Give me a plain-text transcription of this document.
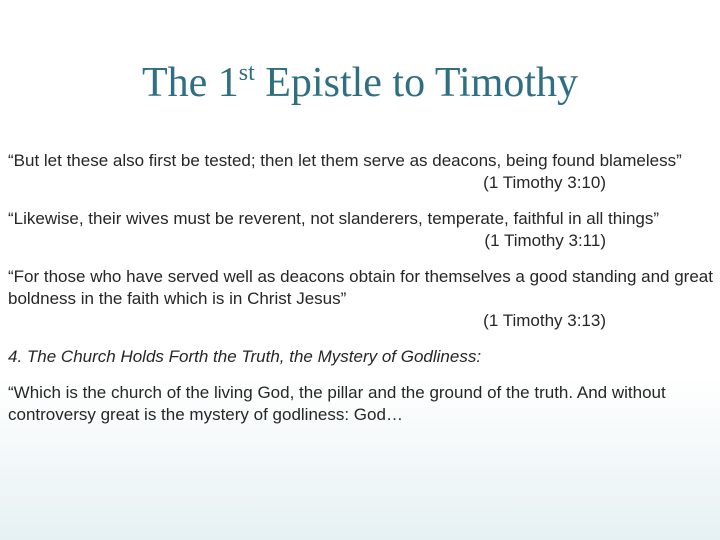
The 1st Epistle to Timothy

“But let these also first be tested; then let them serve as deacons, being found blameless”

(1 Timothy 3:10)

“Likewise, their wives must be reverent, not slanderers, temperate, faithful in all things”

(1 Timothy 3:11)

“For those who have served well as deacons obtain for themselves a good standing and great boldness in the faith which is in Christ Jesus”

(1 Timothy 3:13)

4. The Church Holds Forth the Truth, the Mystery of Godliness:

“Which is the church of the living God, the pillar and the ground of the truth. And without controversy great is the mystery of godliness: God…
